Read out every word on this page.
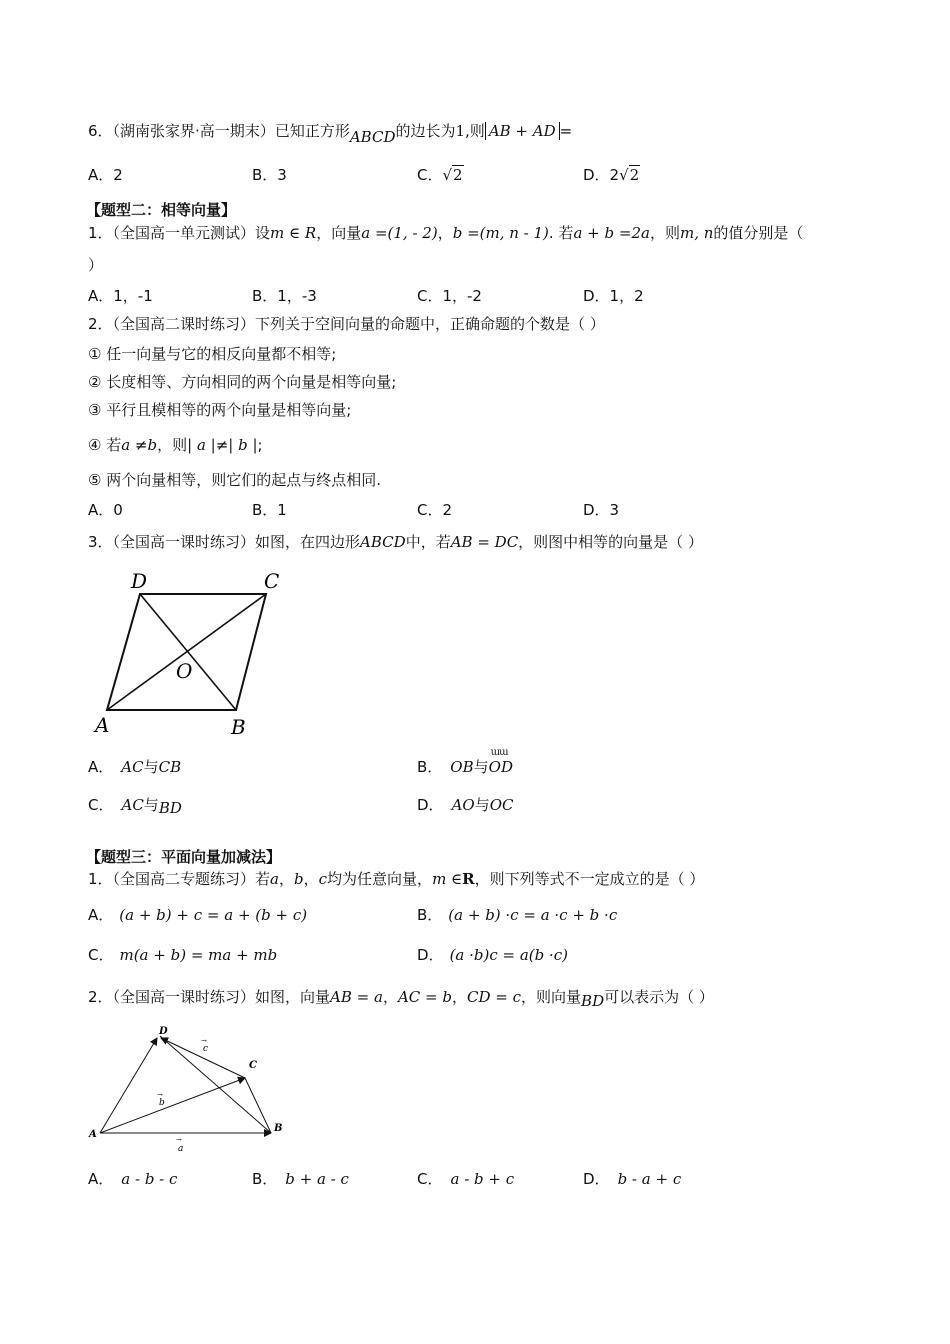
6．（湖南张家界·高一期末）已知正方形ABCD的边长为1,则 AB + AD =
A．2	B．3	C．√2	D．2√2
【题型二：相等向量】
1．（全国高一单元测试）设m ∈ R，向量a =(1, - 2)，b =(m, n - 1). 若a + b =2a，则m, n的值分别是（
）
A．1，-1	B．1，-3	C．1，-2	D．1，2
2．（全国高二课时练习）下列关于空间向量的命题中，正确命题的个数是（ ）
① 任一向量与它的相反向量都不相等;
② 长度相等、方向相同的两个向量是相等向量;
③ 平行且模相等的两个向量是相等向量;
④ 若a ≠b，则| a |≠| b |;
⑤ 两个向量相等，则它们的起点与终点相同.
A．0	B．1	C．2	D．3
3．（全国高一课时练习）如图，在四边形ABCD中，若AB = DC，则图中相等的向量是（ ）
A	B
C
D
O
A． AC与CB	B． OB与
ɯɯ
OD
C． AC与BD	D． AO与OC
【题型三：平面向量加减法】
1．（全国高二专题练习）若a，b，c均为任意向量，m ∈R，则下列等式不一定成立的是（ ）
A． (a + b) + c = a + (b + c)	B． (a + b) ·c = a ·c + b ·c
C． m(a + b) = ma + mb	D． (a ·b)c = a(b ·c)
2．（全国高一课时练习）如图，向量AB = a，AC = b，CD = c，则向量BD可以表示为（ ）
A
B
C
D
a
→
b
→
c
→
A． a - b - c	B． b + a - c	C． a - b + c	D． b - a + c
